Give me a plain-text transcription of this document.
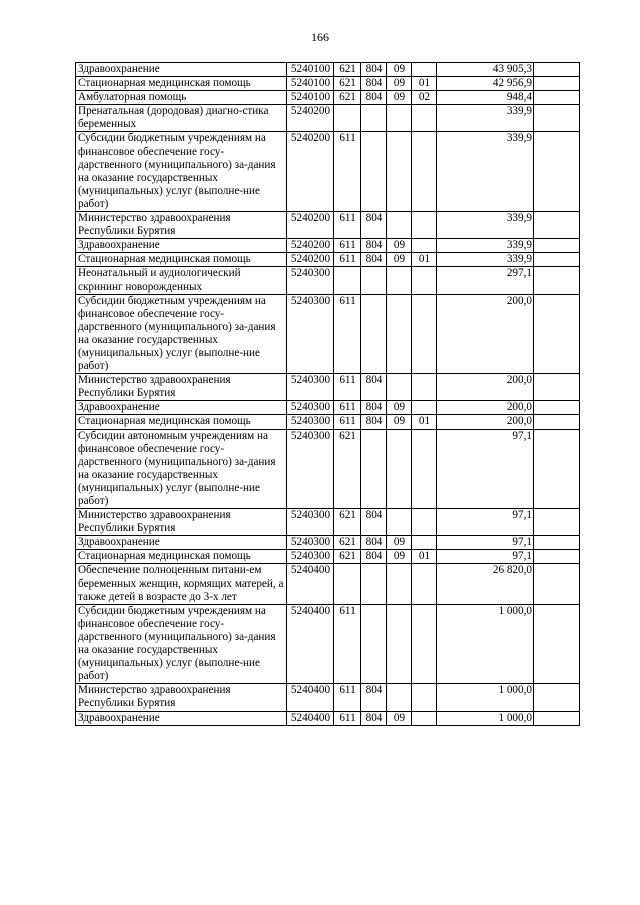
166
Здравоохранение	5240100	621	804	09		43 905,3	
Стационарная медицинская помощь	5240100	621	804	09	01	42 956,9	
Амбулаторная помощь	5240100	621	804	09	02	948,4	
Пренатальная (дородовая) диагно-стика беременных	5240200					339,9	
Субсидии бюджетным учреждениям на финансовое обеспечение госу-дарственного (муниципального) за-дания на оказание государственных (муниципальных) услуг (выполне-ние работ)	5240200	611				339,9	
Министерство здравоохранения Республики Бурятия	5240200	611	804			339,9	
Здравоохранение	5240200	611	804	09		339,9	
Стационарная медицинская помощь	5240200	611	804	09	01	339,9	
Неонатальный и аудиологический скрининг новорожденных	5240300					297,1	
Субсидии бюджетным учреждениям на финансовое обеспечение госу-дарственного (муниципального) за-дания на оказание государственных (муниципальных) услуг (выполне-ние работ)	5240300	611				200,0	
Министерство здравоохранения Республики Бурятия	5240300	611	804			200,0	
Здравоохранение	5240300	611	804	09		200,0	
Стационарная медицинская помощь	5240300	611	804	09	01	200,0	
Субсидии автономным учреждениям на финансовое обеспечение госу-дарственного (муниципального) за-дания на оказание государственных (муниципальных) услуг (выполне-ние работ)	5240300	621				97,1	
Министерство здравоохранения Республики Бурятия	5240300	621	804			97,1	
Здравоохранение	5240300	621	804	09		97,1	
Стационарная медицинская помощь	5240300	621	804	09	01	97,1	
Обеспечение полноценным питани-ем беременных женщин, кормящих матерей, а также детей в возрасте до 3-х лет	5240400					26 820,0	
Субсидии бюджетным учреждениям на финансовое обеспечение госу-дарственного (муниципального) за-дания на оказание государственных (муниципальных) услуг (выполне-ние работ)	5240400	611				1 000,0	
Министерство здравоохранения Республики Бурятия	5240400	611	804			1 000,0	
Здравоохранение	5240400	611	804	09		1 000,0	
